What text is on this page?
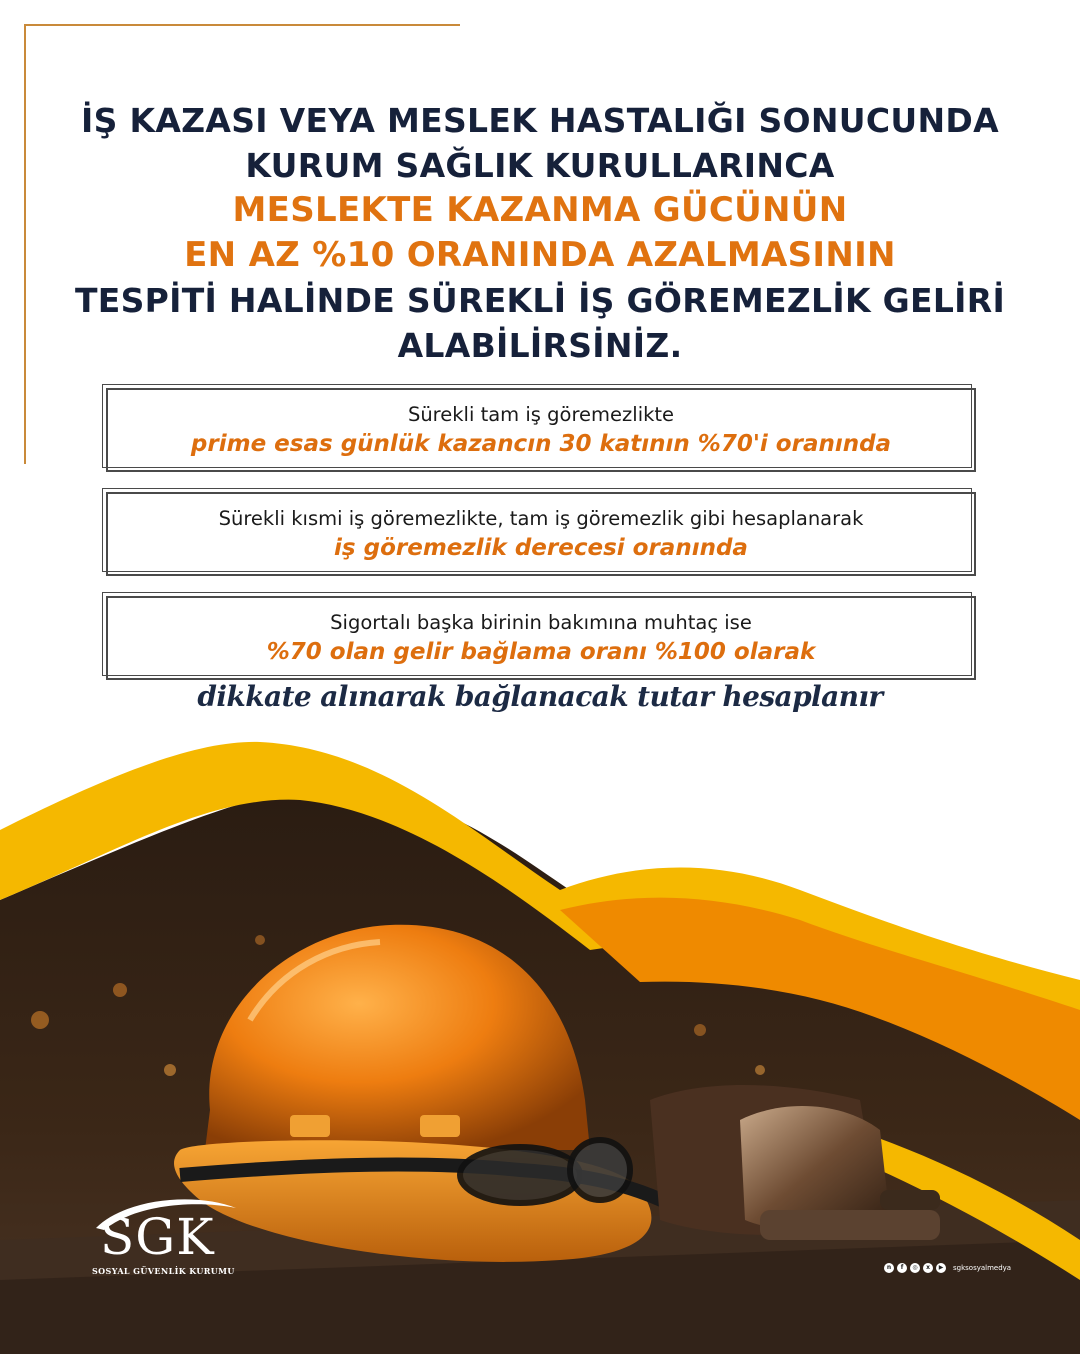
İŞ KAZASI VEYA MESLEK HASTALIĞI SONUCUNDA
KURUM SAĞLIK KURULLARINCA
MESLEKTE KAZANMA GÜCÜNÜN
EN AZ %10 ORANINDA AZALMASININ
TESPİTİ HALİNDE SÜREKLİ İŞ GÖREMEZLİK GELİRİ
ALABİLİRSİNİZ.
Sürekli tam iş göremezlikte
prime esas günlük kazancın 30 katının %70'i oranında
Sürekli kısmi iş göremezlikte, tam iş göremezlik gibi hesaplanarak
iş göremezlik derecesi oranında
Sigortalı başka birinin bakımına muhtaç ise
%70 olan gelir bağlama oranı %100 olarak
dikkate alınarak bağlanacak tutar hesaplanır
SGK
SOSYAL GÜVENLİK KURUMU	n	f	◎	x	▶	sgksosyalmedya
